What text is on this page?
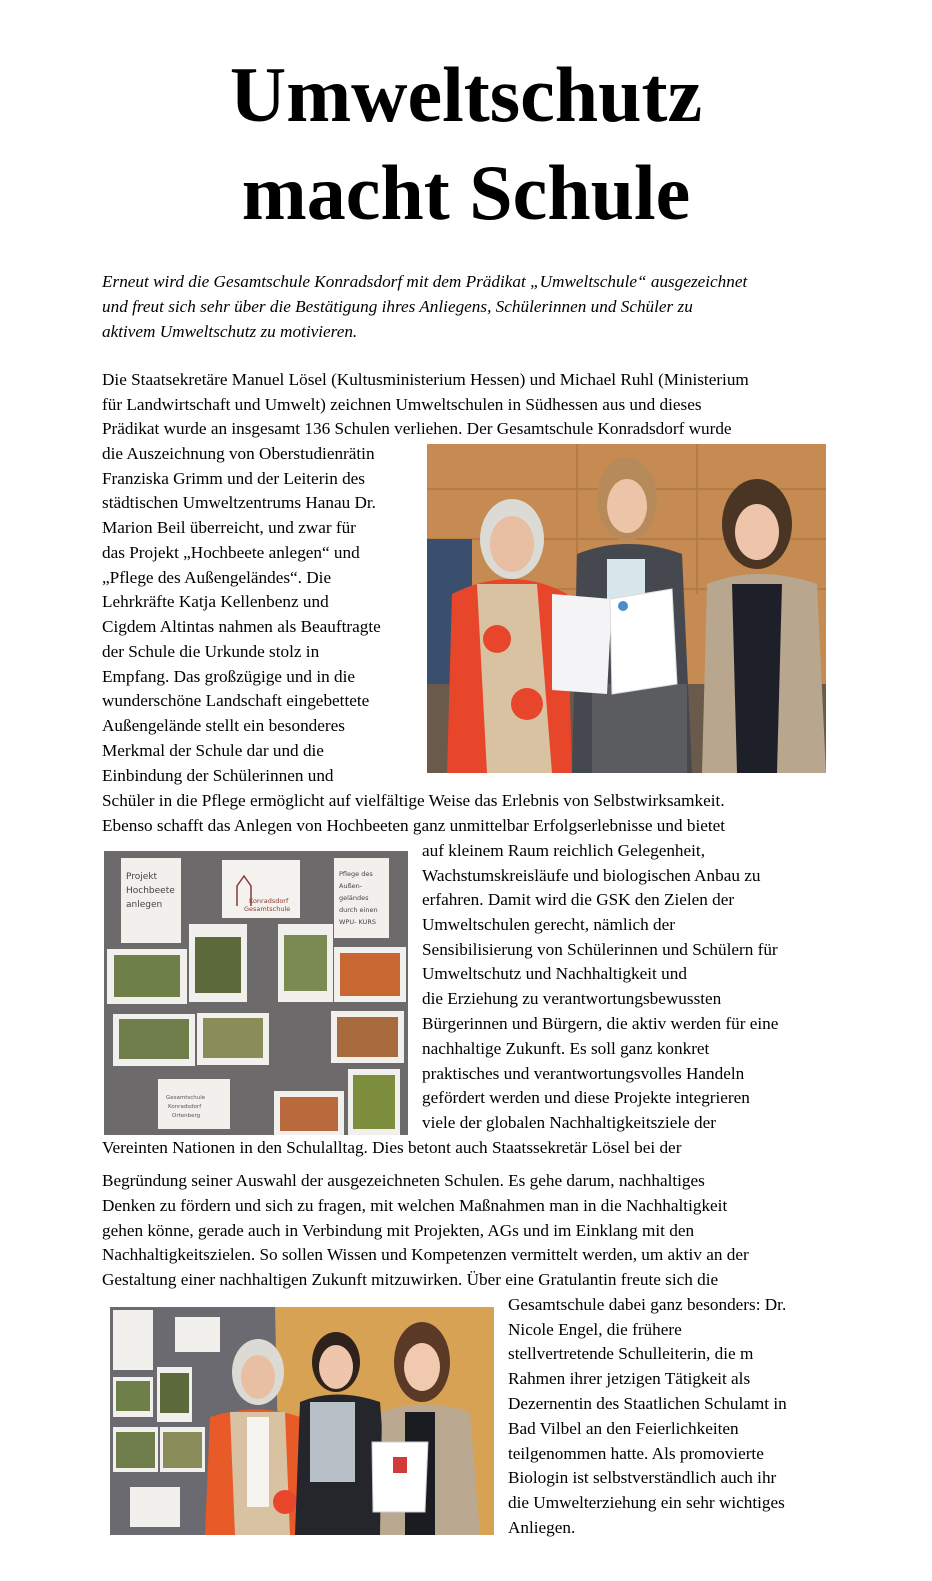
Umweltschutz
macht Schule
Erneut wird die Gesamtschule Konradsdorf mit dem Prädikat „Umweltschule“ ausgezeichnet
und freut sich sehr über die Bestätigung ihres Anliegens, Schülerinnen und Schüler zu
aktivem Umweltschutz zu motivieren.
Die Staatsekretäre Manuel Lösel (Kultusministerium Hessen) und Michael Ruhl (Ministerium
für Landwirtschaft und Umwelt) zeichnen Umweltschulen in Südhessen aus und dieses
Prädikat wurde an insgesamt 136 Schulen verliehen. Der Gesamtschule Konradsdorf wurde
die Auszeichnung von Oberstudienrätin
Franziska Grimm und der Leiterin des
städtischen Umweltzentrums Hanau Dr.
Marion Beil überreicht, und zwar für
das Projekt „Hochbeete anlegen“ und
„Pflege des Außengeländes“. Die
Lehrkräfte Katja Kellenbenz und
Cigdem Altintas nahmen als Beauftragte
der Schule die Urkunde stolz in
Empfang. Das großzügige und in die
wunderschöne Landschaft eingebettete
Außengelände stellt ein besonderes
Merkmal der Schule dar und die
Einbindung der Schülerinnen und
Schüler in die Pflege ermöglicht auf vielfältige Weise das Erlebnis von Selbstwirksamkeit.
Ebenso schafft das Anlegen von Hochbeeten ganz unmittelbar Erfolgserlebnisse und bietet
auf kleinem Raum reichlich Gelegenheit,
Wachstumskreisläufe und biologischen Anbau zu
erfahren. Damit wird die GSK den Zielen der
Umweltschulen gerecht, nämlich der
Sensibilisierung von Schülerinnen und Schülern für
Umweltschutz und Nachhaltigkeit und
die Erziehung zu verantwortungsbewussten
Bürgerinnen und Bürgern, die aktiv werden für eine
nachhaltige Zukunft. Es soll ganz konkret
praktisches und verantwortungsvolles Handeln
gefördert werden und diese Projekte integrieren
viele der globalen Nachhaltigkeitsziele der
Vereinten Nationen in den Schulalltag. Dies betont auch Staatssekretär Lösel bei der
Begründung seiner Auswahl der ausgezeichneten Schulen. Es gehe darum, nachhaltiges
Denken zu fördern und sich zu fragen, mit welchen Maßnahmen man in die Nachhaltigkeit
gehen könne, gerade auch in Verbindung mit Projekten, AGs und im Einklang mit den
Nachhaltigkeitszielen. So sollen Wissen und Kompetenzen vermittelt werden, um aktiv an der
Gestaltung einer nachhaltigen Zukunft mitzuwirken. Über eine Gratulantin freute sich die
Gesamtschule dabei ganz besonders: Dr.
Nicole Engel, die frühere
stellvertretende Schulleiterin, die m
Rahmen ihrer jetzigen Tätigkeit als
Dezernentin des Staatlichen Schulamt in
Bad Vilbel an den Feierlichkeiten
teilgenommen hatte. Als promovierte
Biologin ist selbstverständlich auch ihr
die Umwelterziehung ein sehr wichtiges
Anliegen.
Projekt
Hochbeete
anlegen	Konradsdorf
Gesamtschule
Pflege des
Außen-
geländes
durch einen
WPU- KURS
Gesamtschule
Konradsdorf
Ortenberg
